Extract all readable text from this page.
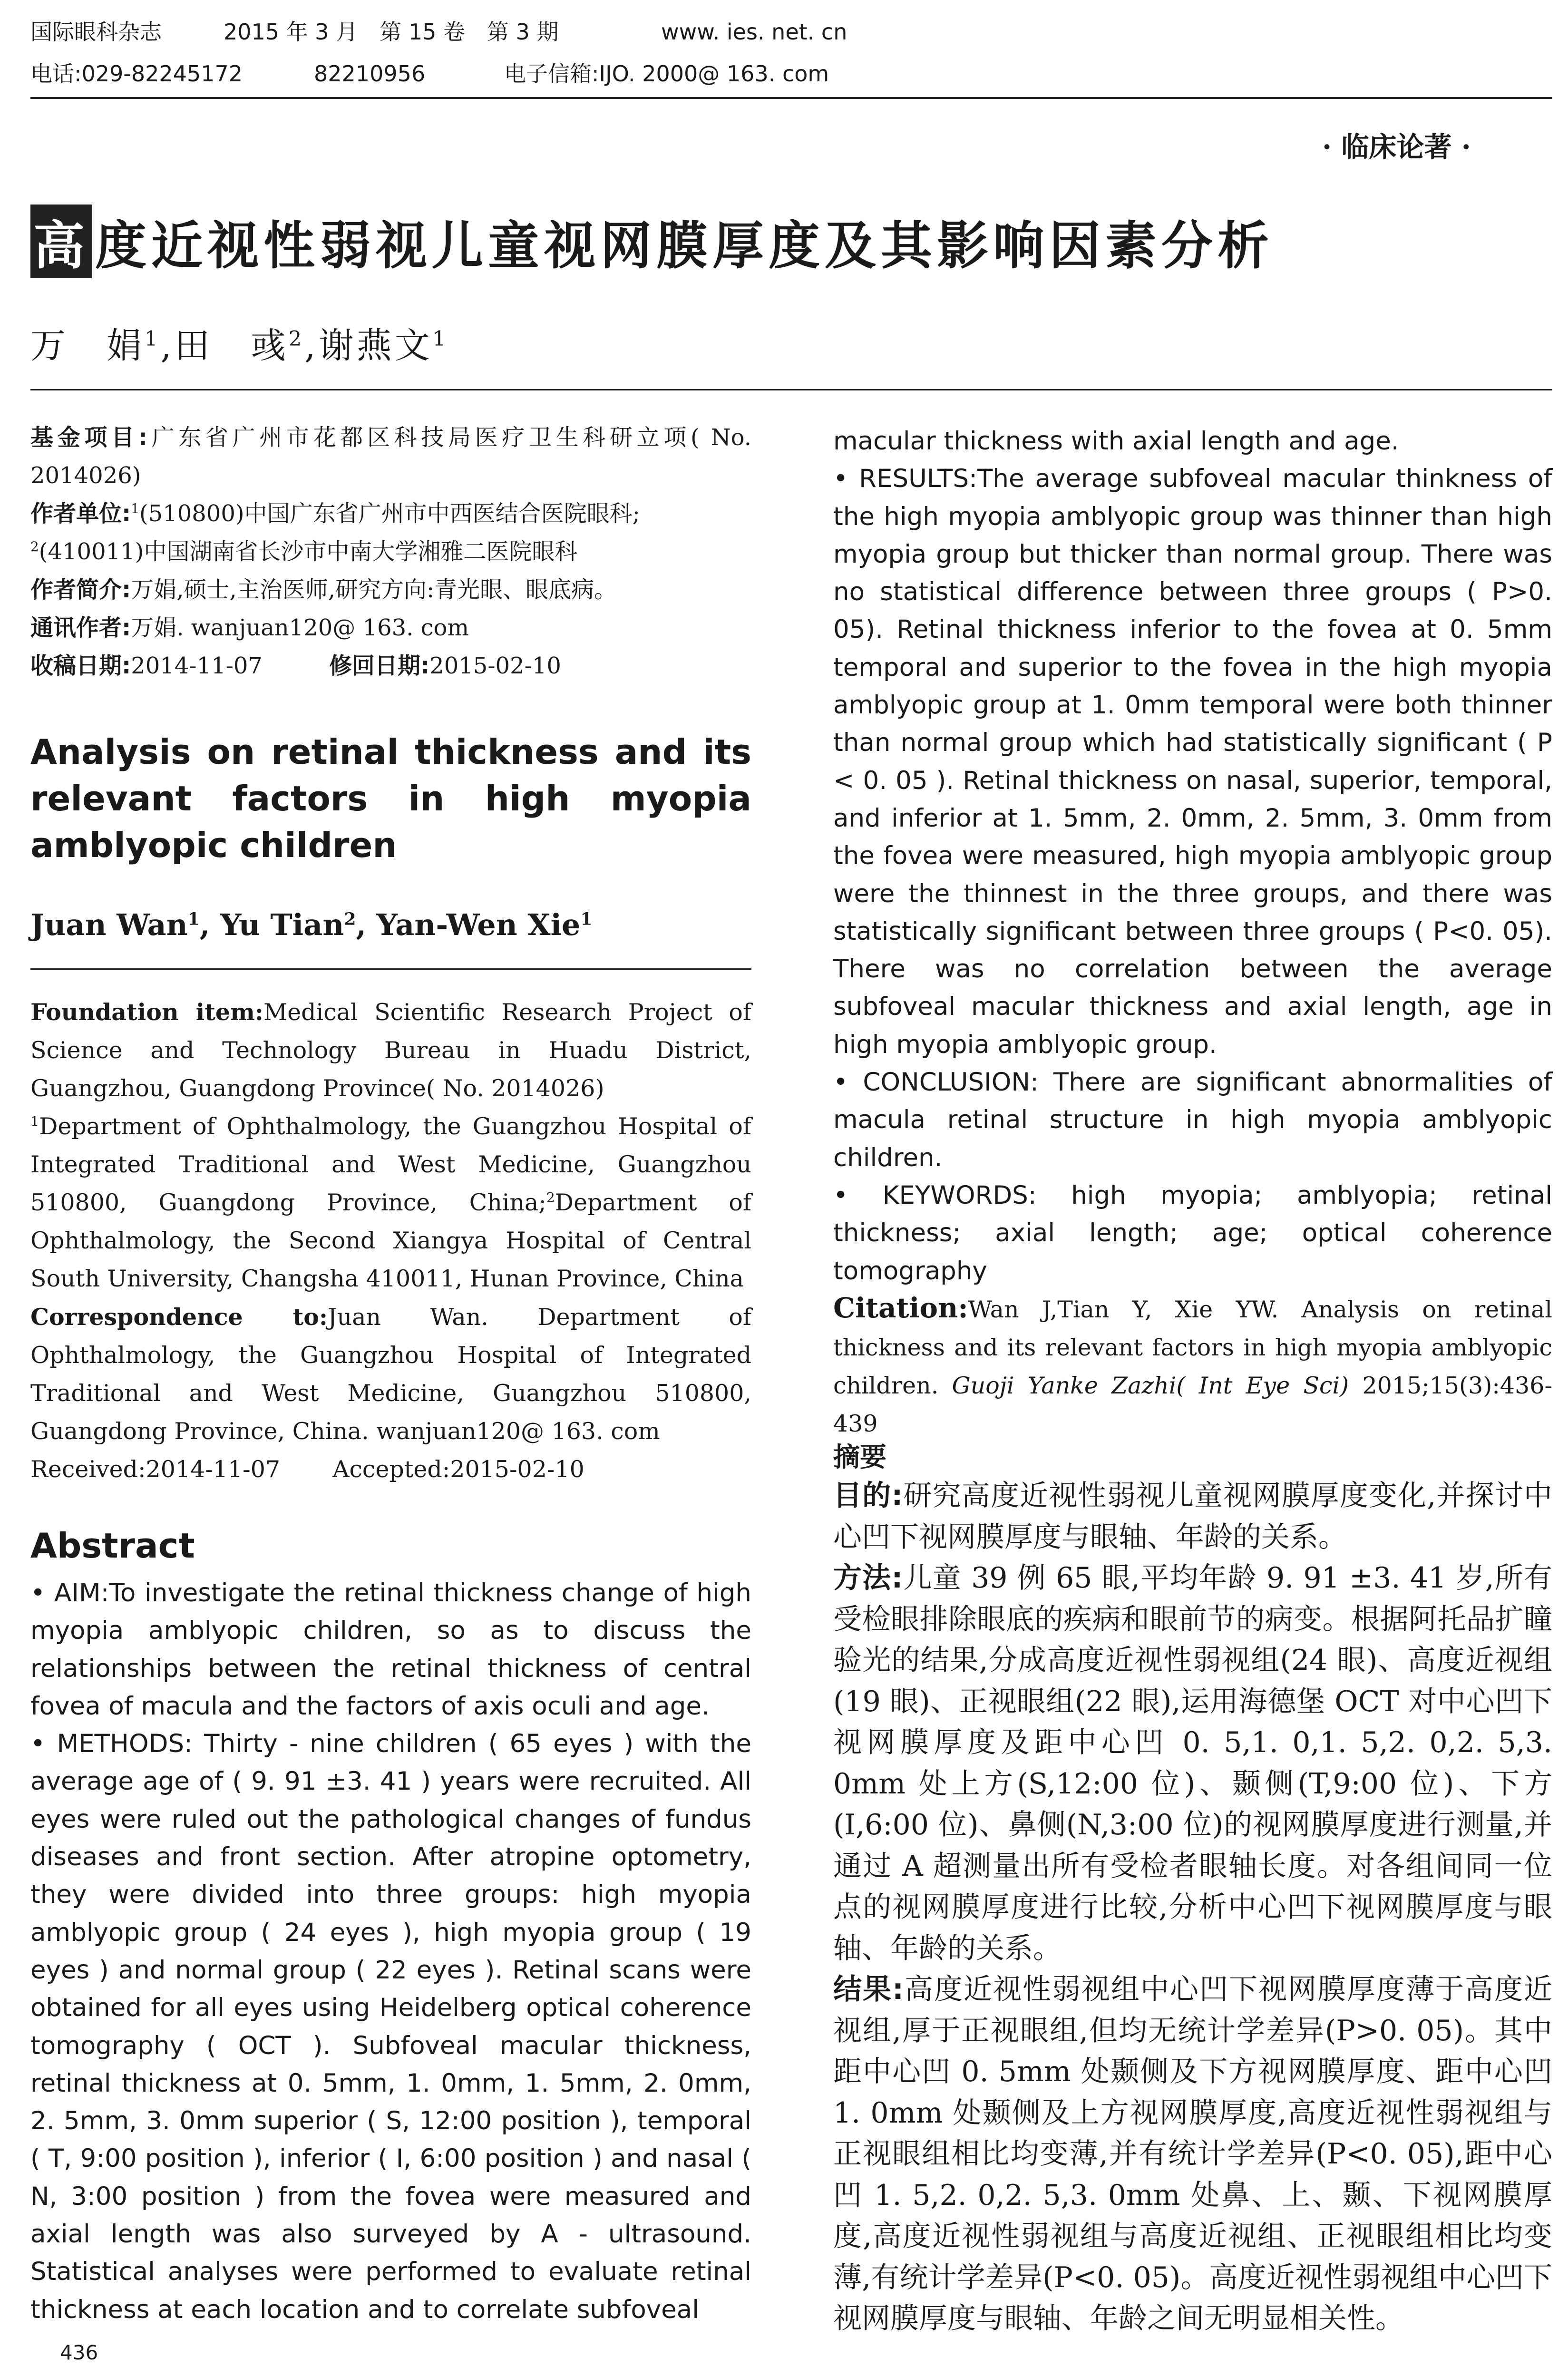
国际眼科杂志	2015 年 3 月　第 15 卷　第 3 期	www. ies. net. cn
电话:029-82245172	82210956	电子信箱:IJO. 2000@ 163. com
· 临床论著 ·
高 度近视性弱视儿童视网膜厚度及其影响因素分析
万　娟$^1$,田　彧$^2$,谢燕文$^1$
基金项目:广东省广州市花都区科技局医疗卫生科研立项( No. 2014026)
作者单位:$^1$(510800)中国广东省广州市中西医结合医院眼科;
$^2$(410011)中国湖南省长沙市中南大学湘雅二医院眼科
作者简介:万娟,硕士,主治医师,研究方向:青光眼、眼底病。
通讯作者:万娟. wanjuan120@ 163. com
收稿日期:2014-11-07	修回日期:2015-02-10
Analysis on retinal thickness and its relevant factors in high myopia amblyopic children
Juan Wan$^1$, Yu Tian$^2$, Yan-Wen Xie$^1$
Foundation item:Medical Scientific Research Project of Science and Technology Bureau in Huadu District, Guangzhou, Guangdong Province( No. 2014026)
$^1$Department of Ophthalmology, the Guangzhou Hospital of Integrated Traditional and West Medicine, Guangzhou 510800, Guangdong Province, China;$^2$Department of Ophthalmology, the Second Xiangya Hospital of Central South University, Changsha 410011, Hunan Province, China
Correspondence to:Juan Wan. Department of Ophthalmology, the Guangzhou Hospital of Integrated Traditional and West Medicine, Guangzhou 510800, Guangdong Province, China. wanjuan120@ 163. com
Received:2014-11-07 Accepted:2015-02-10
Abstract

• AIM:To investigate the retinal thickness change of high myopia amblyopic children, so as to discuss the relationships between the retinal thickness of central fovea of macula and the factors of axis oculi and age.

• METHODS: Thirty - nine children ( 65 eyes ) with the average age of ( 9. 91 ±3. 41 ) years were recruited. All eyes were ruled out the pathological changes of fundus diseases and front section. After atropine optometry, they were divided into three groups: high myopia amblyopic group ( 24 eyes ), high myopia group ( 19 eyes ) and normal group ( 22 eyes ). Retinal scans were obtained for all eyes using Heidelberg optical coherence tomography ( OCT ). Subfoveal macular thickness, retinal thickness at 0. 5mm, 1. 0mm, 1. 5mm, 2. 0mm, 2. 5mm, 3. 0mm superior ( S, 12:00 position ), temporal ( T, 9:00 position ), inferior ( I, 6:00 position ) and nasal ( N, 3:00 position ) from the fovea were measured and axial length was also surveyed by A - ultrasound. Statistical analyses were performed to evaluate retinal thickness at each location and to correlate subfoveal

436

macular thickness with axial length and age.

• RESULTS:The average subfoveal macular thinkness of the high myopia amblyopic group was thinner than high myopia group but thicker than normal group. There was no statistical difference between three groups ( P>0. 05). Retinal thickness inferior to the fovea at 0. 5mm temporal and superior to the fovea in the high myopia amblyopic group at 1. 0mm temporal were both thinner than normal group which had statistically significant ( P < 0. 05 ). Retinal thickness on nasal, superior, temporal, and inferior at 1. 5mm, 2. 0mm, 2. 5mm, 3. 0mm from the fovea were measured, high myopia amblyopic group were the thinnest in the three groups, and there was statistically significant between three groups ( P<0. 05). There was no correlation between the average subfoveal macular thickness and axial length, age in high myopia amblyopic group.

• CONCLUSION: There are significant abnormalities of macula retinal structure in high myopia amblyopic children.

• KEYWORDS: high myopia; amblyopia; retinal thickness; axial length; age; optical coherence tomography

Citation:Wan J,Tian Y, Xie YW. Analysis on retinal thickness and its relevant factors in high myopia amblyopic children. Guoji Yanke Zazhi( Int Eye Sci) 2015;15(3):436-439
摘要

目的:研究高度近视性弱视儿童视网膜厚度变化,并探讨中心凹下视网膜厚度与眼轴、年龄的关系。

方法:儿童 39 例 65 眼,平均年龄 9. 91 ±3. 41 岁,所有受检眼排除眼底的疾病和眼前节的病变。根据阿托品扩瞳验光的结果,分成高度近视性弱视组(24 眼)、高度近视组(19 眼)、正视眼组(22 眼),运用海德堡 OCT 对中心凹下视网膜厚度及距中心凹 0. 5,1. 0,1. 5,2. 0,2. 5,3. 0mm 处上方(S,12:00 位)、颞侧(T,9:00 位)、下方(I,6:00 位)、鼻侧(N,3:00 位)的视网膜厚度进行测量,并通过 A 超测量出所有受检者眼轴长度。对各组间同一位点的视网膜厚度进行比较,分析中心凹下视网膜厚度与眼轴、年龄的关系。

结果:高度近视性弱视组中心凹下视网膜厚度薄于高度近视组,厚于正视眼组,但均无统计学差异(P>0. 05)。其中距中心凹 0. 5mm 处颞侧及下方视网膜厚度、距中心凹 1. 0mm 处颞侧及上方视网膜厚度,高度近视性弱视组与正视眼组相比均变薄,并有统计学差异(P<0. 05),距中心凹 1. 5,2. 0,2. 5,3. 0mm 处鼻、上、颞、下视网膜厚度,高度近视性弱视组与高度近视组、正视眼组相比均变薄,有统计学差异(P<0. 05)。高度近视性弱视组中心凹下视网膜厚度与眼轴、年龄之间无明显相关性。
